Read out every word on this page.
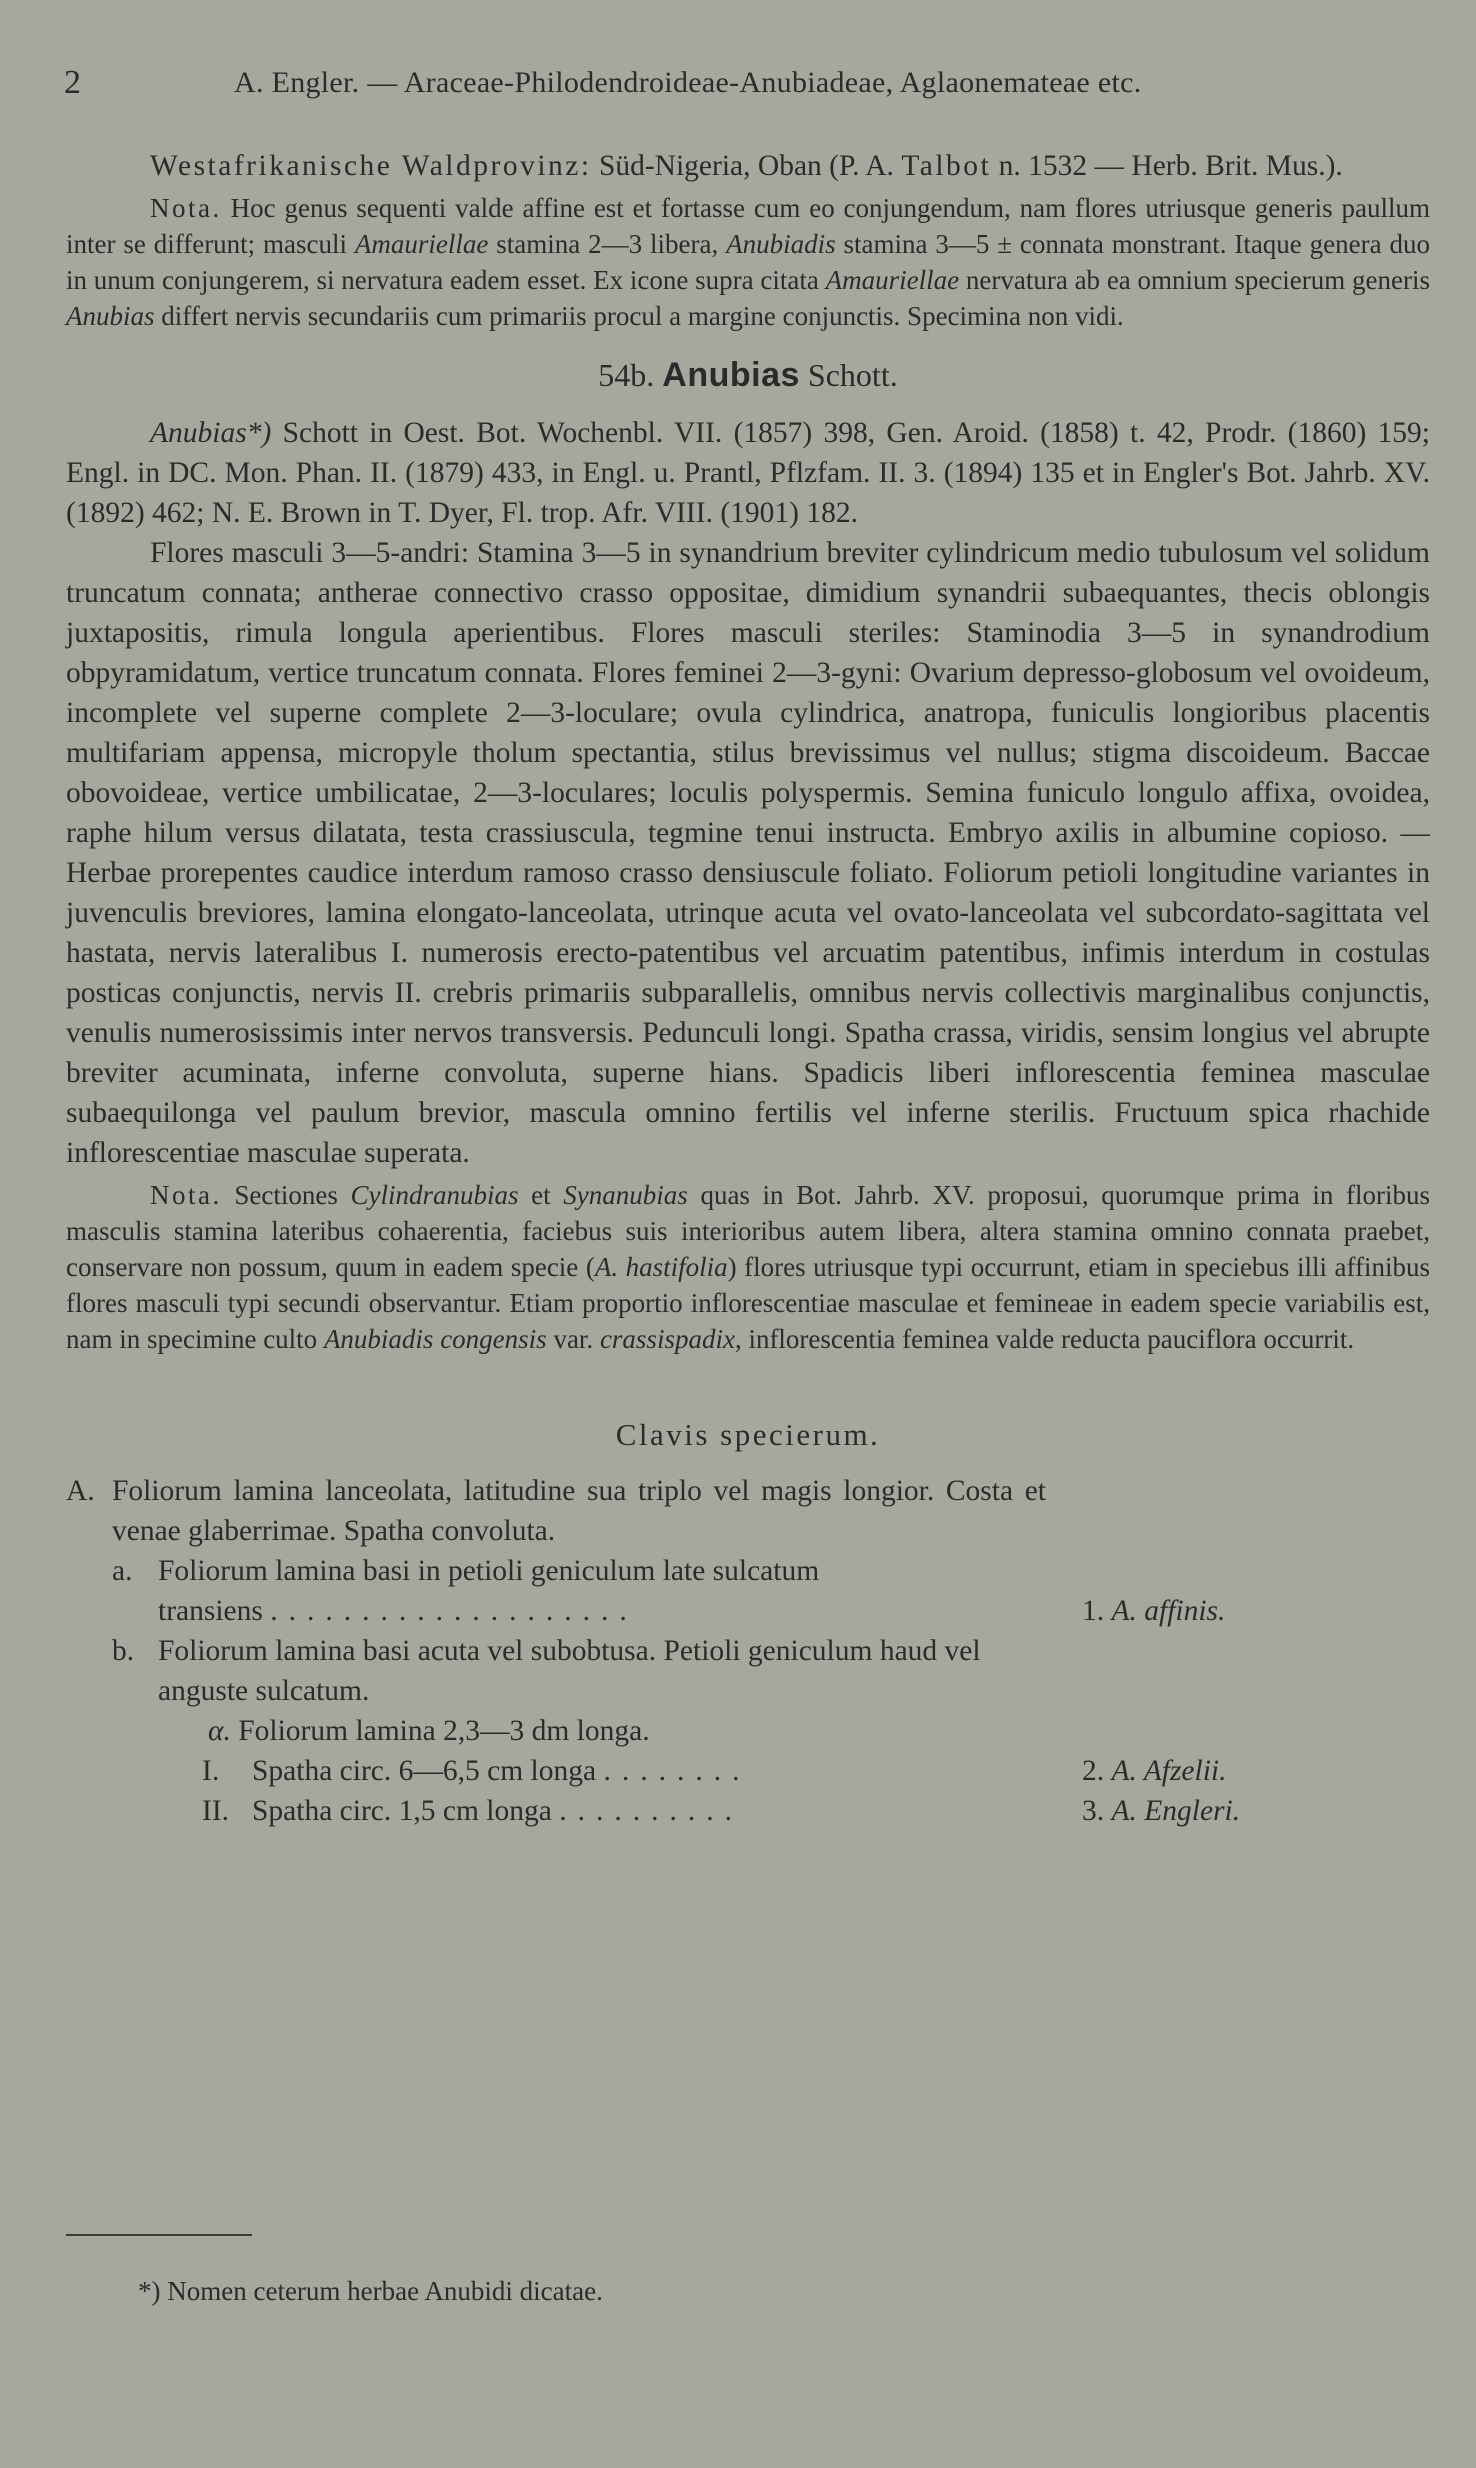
2	A. Engler. — Araceae-Philodendroideae-Anubiadeae, Aglaonemateae etc.

Westafrikanische Waldprovinz: Süd-Nigeria, Oban (P. A. Talbot n. 1532 — Herb. Brit. Mus.).

Nota. Hoc genus sequenti valde affine est et fortasse cum eo conjungendum, nam flores utriusque generis paullum inter se differunt; masculi Amauriellae stamina 2—3 libera, Anubiadis stamina 3—5 ± connata monstrant. Itaque genera duo in unum conjungerem, si nervatura eadem esset. Ex icone supra citata Amauriellae nervatura ab ea omnium specierum generis Anubias differt nervis secundariis cum primariis procul a margine conjunctis. Specimina non vidi.

54b. Anubias Schott.

Anubias*) Schott in Oest. Bot. Wochenbl. VII. (1857) 398, Gen. Aroid. (1858) t. 42, Prodr. (1860) 159; Engl. in DC. Mon. Phan. II. (1879) 433, in Engl. u. Prantl, Pflzfam. II. 3. (1894) 135 et in Engler's Bot. Jahrb. XV. (1892) 462; N. E. Brown in T. Dyer, Fl. trop. Afr. VIII. (1901) 182.

Flores masculi 3—5-andri: Stamina 3—5 in synandrium breviter cylindricum medio tubulosum vel solidum truncatum connata; antherae connectivo crasso oppositae, dimidium synandrii subaequantes, thecis oblongis juxtapositis, rimula longula aperientibus. Flores masculi steriles: Staminodia 3—5 in synandrodium obpyramidatum, vertice truncatum connata. Flores feminei 2—3-gyni: Ovarium depresso-globosum vel ovoideum, incomplete vel superne complete 2—3-loculare; ovula cylindrica, anatropa, funiculis longioribus placentis multifariam appensa, micropyle tholum spectantia, stilus brevissimus vel nullus; stigma discoideum. Baccae obovoideae, vertice umbilicatae, 2—3-loculares; loculis polyspermis. Semina funiculo longulo affixa, ovoidea, raphe hilum versus dilatata, testa crassiuscula, tegmine tenui instructa. Embryo axilis in albumine copioso. — Herbae prorepentes caudice interdum ramoso crasso densiuscule foliato. Foliorum petioli longitudine variantes in juvenculis breviores, lamina elongato-lanceolata, utrinque acuta vel ovato-lanceolata vel subcordato-sagittata vel hastata, nervis lateralibus I. numerosis erecto-patentibus vel arcuatim patentibus, infimis interdum in costulas posticas conjunctis, nervis II. crebris primariis subparallelis, omnibus nervis collectivis marginalibus conjunctis, venulis numerosissimis inter nervos transversis. Pedunculi longi. Spatha crassa, viridis, sensim longius vel abrupte breviter acuminata, inferne convoluta, superne hians. Spadicis liberi inflorescentia feminea masculae subaequilonga vel paulum brevior, mascula omnino fertilis vel inferne sterilis. Fructuum spica rhachide inflorescentiae masculae superata.

Nota. Sectiones Cylindranubias et Synanubias quas in Bot. Jahrb. XV. proposui, quorumque prima in floribus masculis stamina lateribus cohaerentia, faciebus suis interioribus autem libera, altera stamina omnino connata praebet, conservare non possum, quum in eadem specie (A. hastifolia) flores utriusque typi occurrunt, etiam in speciebus illi affinibus flores masculi typi secundi observantur. Etiam proportio inflorescentiae masculae et femineae in eadem specie variabilis est, nam in specimine culto Anubiadis congensis var. crassispadix, inflorescentia feminea valde reducta pauciflora occurrit.

Clavis specierum.
A. Foliorum lamina lanceolata, latitudine sua triplo vel magis longior. Costa et venae glaberrimae. Spatha convoluta.
a. Foliorum lamina basi in petioli geniculum late sulcatum
transiens ....................	1. A. affinis.
b. Foliorum lamina basi acuta vel subobtusa. Petioli geniculum haud vel anguste sulcatum.
α. Foliorum lamina 2,3—3 dm longa.
I. Spatha circ. 6—6,5 cm longa ........	2. A. Afzelii.
II. Spatha circ. 1,5 cm longa ..........	3. A. Engleri.
*) Nomen ceterum herbae Anubidi dicatae.
